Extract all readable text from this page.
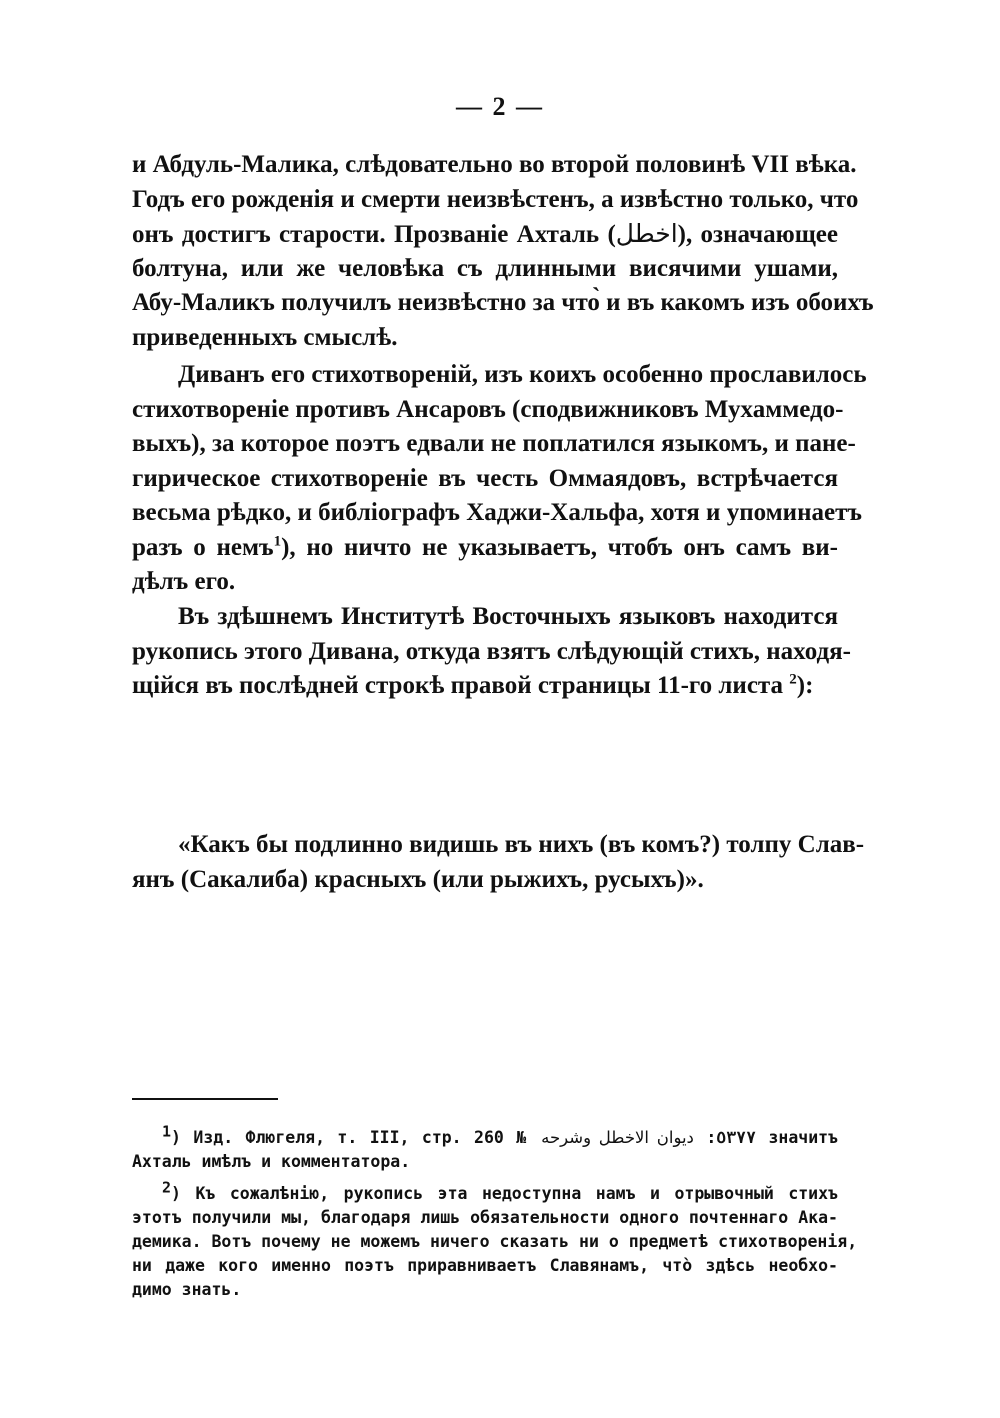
— 2 —
и Абдуль-Малика, слѣдовательно во второй половинѣ VII вѣка.
Годъ его рожденія и смерти неизвѣстенъ, а извѣстно только, что
онъ достигъ старости. Прозваніе Ахталь (اخطل), означающее
болтуна, или же человѣка съ длинными висячими ушами,
Абу-Маликъ получилъ неизвѣстно за что̀ и въ какомъ изъ обоихъ
приведенныхъ смыслѣ.
Диванъ его стихотвореній, изъ коихъ особенно прославилось
стихотвореніе противъ Ансаровъ (сподвижниковъ Мухаммедо-
выхъ), за которое поэтъ едвали не поплатился языкомъ, и пане-
гирическое стихотвореніе въ честь Оммаядовъ, встрѣчается
весьма рѣдко, и библіографъ Хаджи-Хальфа, хотя и упоминаетъ
разъ о немъ$^1$), но ничто не указываетъ, чтобъ онъ самъ ви-
дѣлъ его.
Въ здѣшнемъ Институтѣ Восточныхъ языковъ находится
рукопись этого Дивана, откуда взятъ слѣдующій стихъ, находя-
щійся въ послѣдней строкѣ правой страницы 11-го листа $^2$):
«Какъ бы подлинно видишь въ нихъ (въ комъ?) толпу Слав-
янъ (Сакалиба) красныхъ (или рыжихъ, русыхъ)».
$^1$) Изд. Флюгеля, т. III, стр. 260 № ٥٣٧٧: ديوان الاخطل وشرحه	значитъ
Ахталь имѣлъ и комментатора.
$^2$) Къ сожалѣнію, рукопись эта недоступна намъ и отрывочный стихъ
этотъ получили мы, благодаря лишь обязательности одного почтеннаго Ака-
демика. Вотъ почему не можемъ ничего сказать ни о предметѣ стихотворенія,
ни даже кого именно поэтъ приравниваетъ Славянамъ, что̀ здѣсь необхо-
димо знать.
